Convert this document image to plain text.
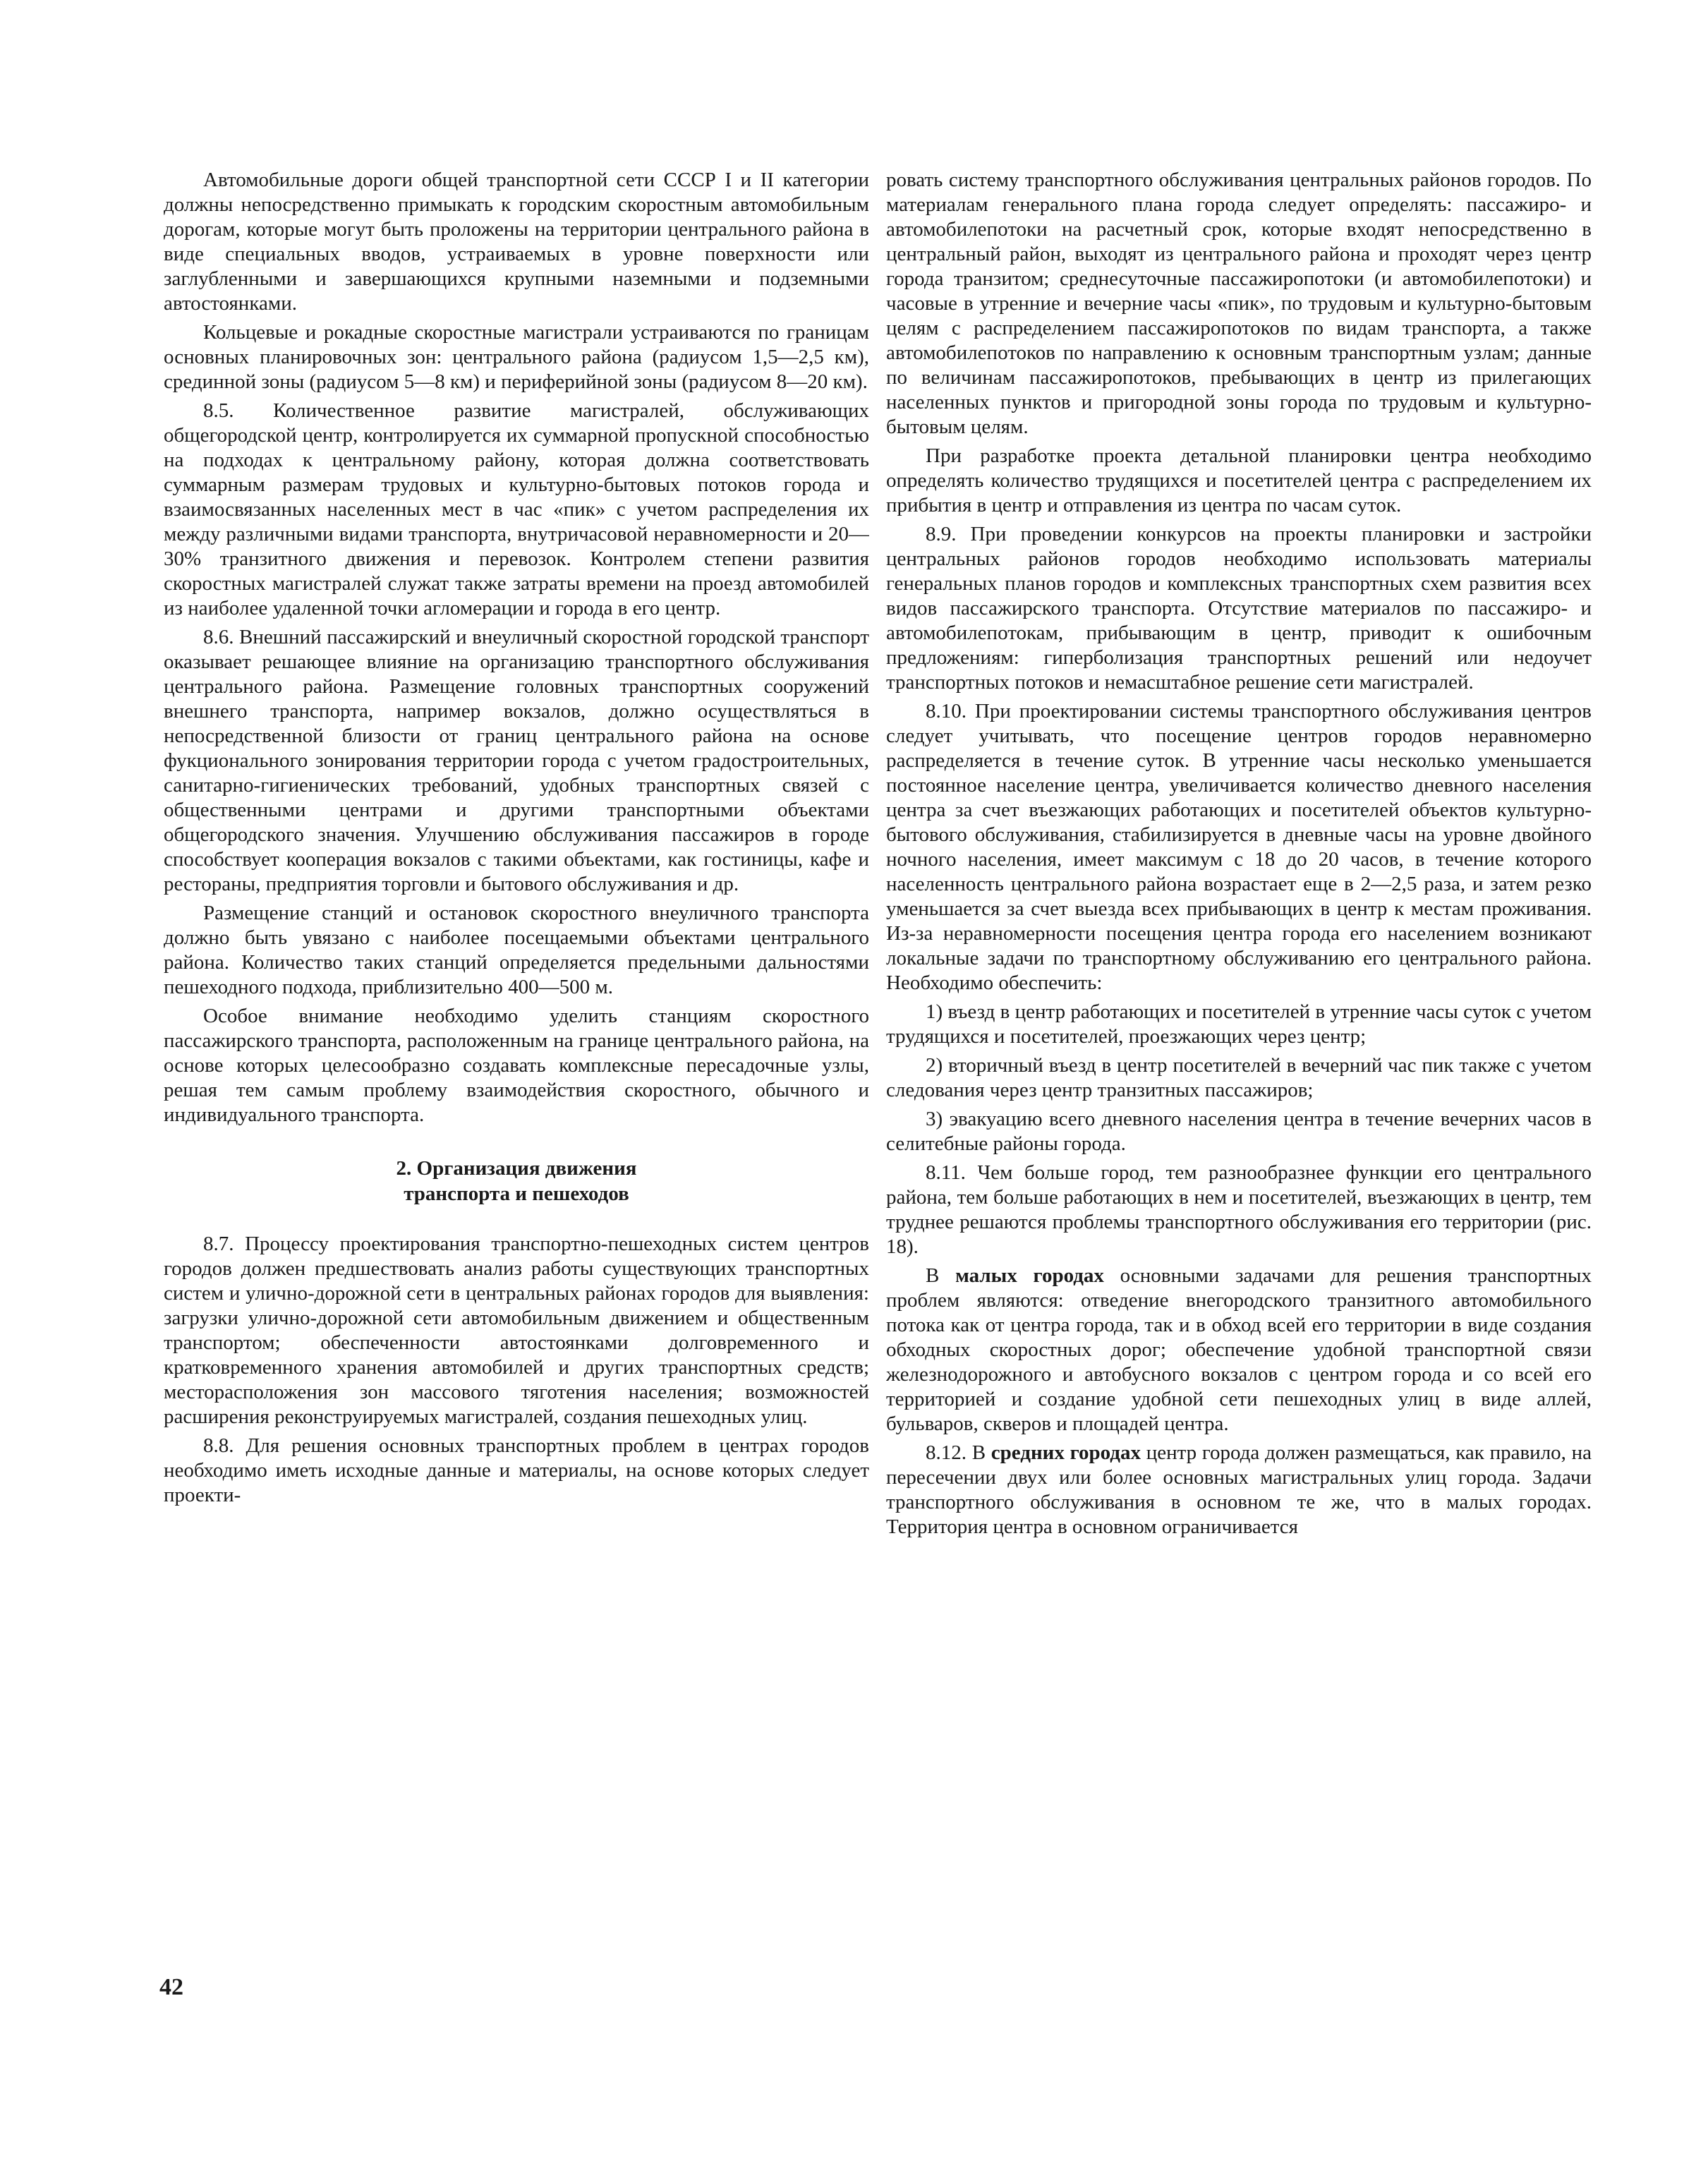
Автомобильные дороги общей транспортной сети СССР I и II категории должны непосредственно примыкать к городским скоростным автомобильным дорогам, которые могут быть проложены на территории центрального района в виде специальных вводов, устраиваемых в уровне поверхности или заглубленными и завершающихся крупными наземными и подземными автостоянками.

Кольцевые и рокадные скоростные магистрали устраиваются по границам основных планировочных зон: центрального района (радиусом 1,5—2,5 км), срединной зоны (радиусом 5—8 км) и периферийной зоны (радиусом 8—20 км).

8.5. Количественное развитие магистралей, обслуживающих общегородской центр, контролируется их суммарной пропускной способностью на подходах к центральному району, которая должна соответствовать суммарным размерам трудовых и культурно-бытовых потоков города и взаимосвязанных населенных мест в час «пик» с учетом распределения их между различными видами транспорта, внутричасовой неравномерности и 20—30% транзитного движения и перевозок. Контролем степени развития скоростных магистралей служат также затраты времени на проезд автомобилей из наиболее удаленной точки агломерации и города в его центр.

8.6. Внешний пассажирский и внеуличный скоростной городской транспорт оказывает решающее влияние на организацию транспортного обслуживания центрального района. Размещение головных транспортных сооружений внешнего транспорта, например вокзалов, должно осуществляться в непосредственной близости от границ центрального района на основе фукционального зонирования территории города с учетом градостроительных, санитарно-гигиенических требований, удобных транспортных связей с общественными центрами и другими транспортными объектами общегородского значения. Улучшению обслуживания пассажиров в городе способствует кооперация вокзалов с такими объектами, как гостиницы, кафе и рестораны, предприятия торговли и бытового обслуживания и др.

Размещение станций и остановок скоростного внеуличного транспорта должно быть увязано с наиболее посещаемыми объектами центрального района. Количество таких станций определяется предельными дальностями пешеходного подхода, приблизительно 400—500 м.

Особое внимание необходимо уделить станциям скоростного пассажирского транспорта, расположенным на границе центрального района, на основе которых целесообразно создавать комплексные пересадочные узлы, решая тем самым проблему взаимодействия скоростного, обычного и индивидуального транспорта.

2. Организация движения
транспорта и пешеходов

8.7. Процессу проектирования транспортно-пешеходных систем центров городов должен предшествовать анализ работы существующих транспортных систем и улично-дорожной сети в центральных районах городов для выявления: загрузки улично-дорожной сети автомобильным движением и общественным транспортом; обеспеченности автостоянками долговременного и кратковременного хранения автомобилей и других транспортных средств; месторасположения зон массового тяготения населения; возможностей расширения реконструируемых магистралей, создания пешеходных улиц.

8.8. Для решения основных транспортных проблем в центрах городов необходимо иметь исходные данные и материалы, на основе которых следует проекти-

ровать систему транспортного обслуживания центральных районов городов. По материалам генерального плана города следует определять: пассажиро- и автомобилепотоки на расчетный срок, которые входят непосредственно в центральный район, выходят из центрального района и проходят через центр города транзитом; среднесуточные пассажиропотоки (и автомобилепотоки) и часовые в утренние и вечерние часы «пик», по трудовым и культурно-бытовым целям с распределением пассажиропотоков по видам транспорта, а также автомобилепотоков по направлению к основным транспортным узлам; данные по величинам пассажиропотоков, пребывающих в центр из прилегающих населенных пунктов и пригородной зоны города по трудовым и культурно-бытовым целям.

При разработке проекта детальной планировки центра необходимо определять количество трудящихся и посетителей центра с распределением их прибытия в центр и отправления из центра по часам суток.

8.9. При проведении конкурсов на проекты планировки и застройки центральных районов городов необходимо использовать материалы генеральных планов городов и комплексных транспортных схем развития всех видов пассажирского транспорта. Отсутствие материалов по пассажиро- и автомобилепотокам, прибывающим в центр, приводит к ошибочным предложениям: гиперболизация транспортных решений или недоучет транспортных потоков и немасштабное решение сети магистралей.

8.10. При проектировании системы транспортного обслуживания центров следует учитывать, что посещение центров городов неравномерно распределяется в течение суток. В утренние часы несколько уменьшается постоянное население центра, увеличивается количество дневного населения центра за счет въезжающих работающих и посетителей объектов культурно-бытового обслуживания, стабилизируется в дневные часы на уровне двойного ночного населения, имеет максимум с 18 до 20 часов, в течение которого населенность центрального района возрастает еще в 2—2,5 раза, и затем резко уменьшается за счет выезда всех прибывающих в центр к местам проживания. Из-за неравномерности посещения центра города его населением возникают локальные задачи по транспортному обслуживанию его центрального района. Необходимо обеспечить:

1) въезд в центр работающих и посетителей в утренние часы суток с учетом трудящихся и посетителей, проезжающих через центр;

2) вторичный въезд в центр посетителей в вечерний час пик также с учетом следования через центр транзитных пассажиров;

3) эвакуацию всего дневного населения центра в течение вечерних часов в селитебные районы города.

8.11. Чем больше город, тем разнообразнее функции его центрального района, тем больше работающих в нем и посетителей, въезжающих в центр, тем труднее решаются проблемы транспортного обслуживания его территории (рис. 18).

В малых городах основными задачами для решения транспортных проблем являются: отведение внегородского транзитного автомобильного потока как от центра города, так и в обход всей его территории в виде создания обходных скоростных дорог; обеспечение удобной транспортной связи железнодорожного и автобусного вокзалов с центром города и со всей его территорией и создание удобной сети пешеходных улиц в виде аллей, бульваров, скверов и площадей центра.

8.12. В средних городах центр города должен размещаться, как правило, на пересечении двух или более основных магистральных улиц города. Задачи транспортного обслуживания в основном те же, что в малых городах. Территория центра в основном ограничивается

42
